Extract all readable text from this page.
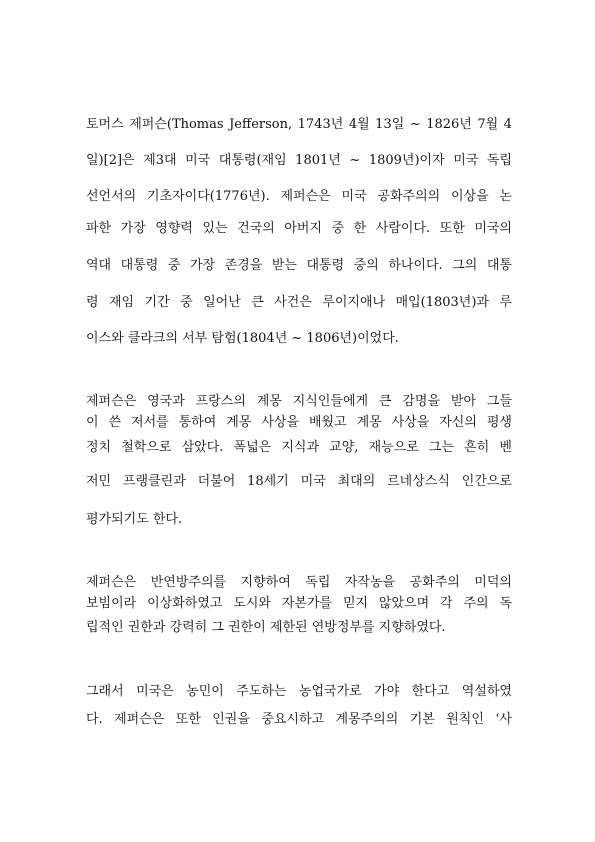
토머스 제퍼슨(Thomas Jefferson, 1743년 4월 13일 ~ 1826년 7월 4
일)[2]은 제3대 미국 대통령(재임 1801년 ~ 1809년)이자 미국 독립
선언서의 기초자이다(1776년). 제퍼슨은 미국 공화주의의 이상을 논
파한 가장 영향력 있는 건국의 아버지 중 한 사람이다. 또한 미국의
역대 대통령 중 가장 존경을 받는 대통령 중의 하나이다. 그의 대통
령 재임 기간 중 일어난 큰 사건은 루이지애나 매입(1803년)과 루
이스와 클라크의 서부 탐험(1804년 ~ 1806년)이었다.
제퍼슨은 영국과 프랑스의 계몽 지식인들에게 큰 감명을 받아 그들
이 쓴 저서를 통하여 계몽 사상을 배웠고 계몽 사상을 자신의 평생
정치 철학으로 삼았다. 폭넓은 지식과 교양, 재능으로 그는 흔히 벤
저민 프랭클린과 더불어 18세기 미국 최대의 르네상스식 인간으로
평가되기도 한다.
제퍼슨은 반연방주의를 지향하여 독립 자작농을 공화주의 미덕의
보빔이라 이상화하였고 도시와 자본가를 믿지 않았으며 각 주의 독
립적인 권한과 강력히 그 권한이 제한된 연방정부를 지향하였다.
그래서 미국은 농민이 주도하는 농업국가로 가야 한다고 역설하였
다. 제퍼슨은 또한 인권을 중요시하고 계몽주의의 기본 원칙인 ‘사
